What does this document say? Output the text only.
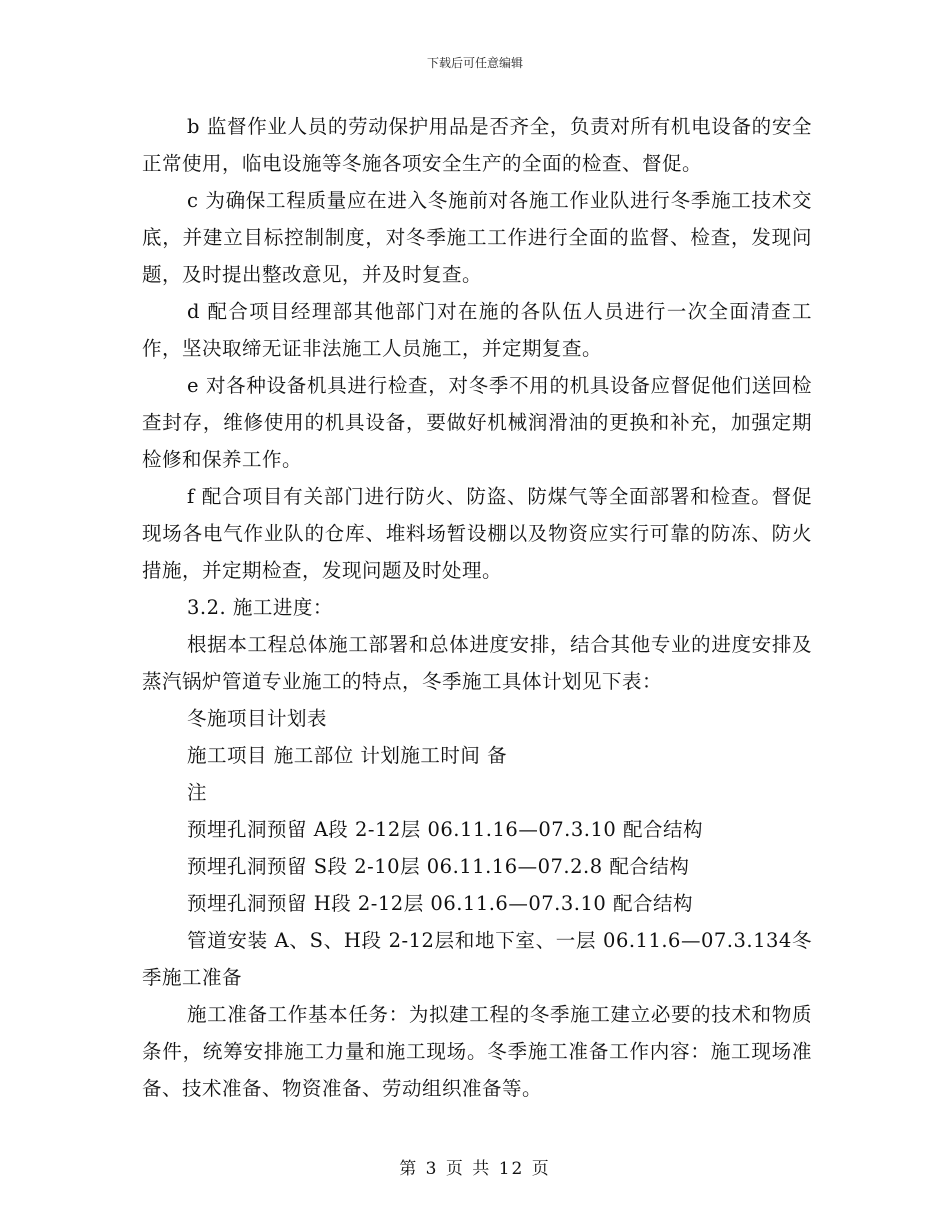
下载后可任意编辑

b 监督作业人员的劳动保护用品是否齐全，负责对所有机电设备的安全正常使用，临电设施等冬施各项安全生产的全面的检查、督促。

c 为确保工程质量应在进入冬施前对各施工作业队进行冬季施工技术交底，并建立目标控制制度，对冬季施工工作进行全面的监督、检查，发现问题，及时提出整改意见，并及时复查。

d 配合项目经理部其他部门对在施的各队伍人员进行一次全面清查工作，坚决取缔无证非法施工人员施工，并定期复查。

e 对各种设备机具进行检查，对冬季不用的机具设备应督促他们送回检查封存，维修使用的机具设备，要做好机械润滑油的更换和补充，加强定期检修和保养工作。

f 配合项目有关部门进行防火、防盗、防煤气等全面部署和检查。督促现场各电气作业队的仓库、堆料场暂设棚以及物资应实行可靠的防冻、防火措施，并定期检查，发现问题及时处理。

3.2. 施工进度：

根据本工程总体施工部署和总体进度安排，结合其他专业的进度安排及蒸汽锅炉管道专业施工的特点，冬季施工具体计划见下表：

冬施项目计划表

施工项目 施工部位 计划施工时间 备

注

预埋孔洞预留 A段 2-12层 06.11.16—07.3.10 配合结构

预埋孔洞预留 S段 2-10层 06.11.16—07.2.8 配合结构

预埋孔洞预留 H段 2-12层 06.11.6—07.3.10 配合结构

管道安装 A、S、H段 2-12层和地下室、一层 06.11.6—07.3.134冬季施工准备

施工准备工作基本任务：为拟建工程的冬季施工建立必要的技术和物质条件，统筹安排施工力量和施工现场。冬季施工准备工作内容：施工现场准备、技术准备、物资准备、劳动组织准备等。

第 3 页 共 12 页
